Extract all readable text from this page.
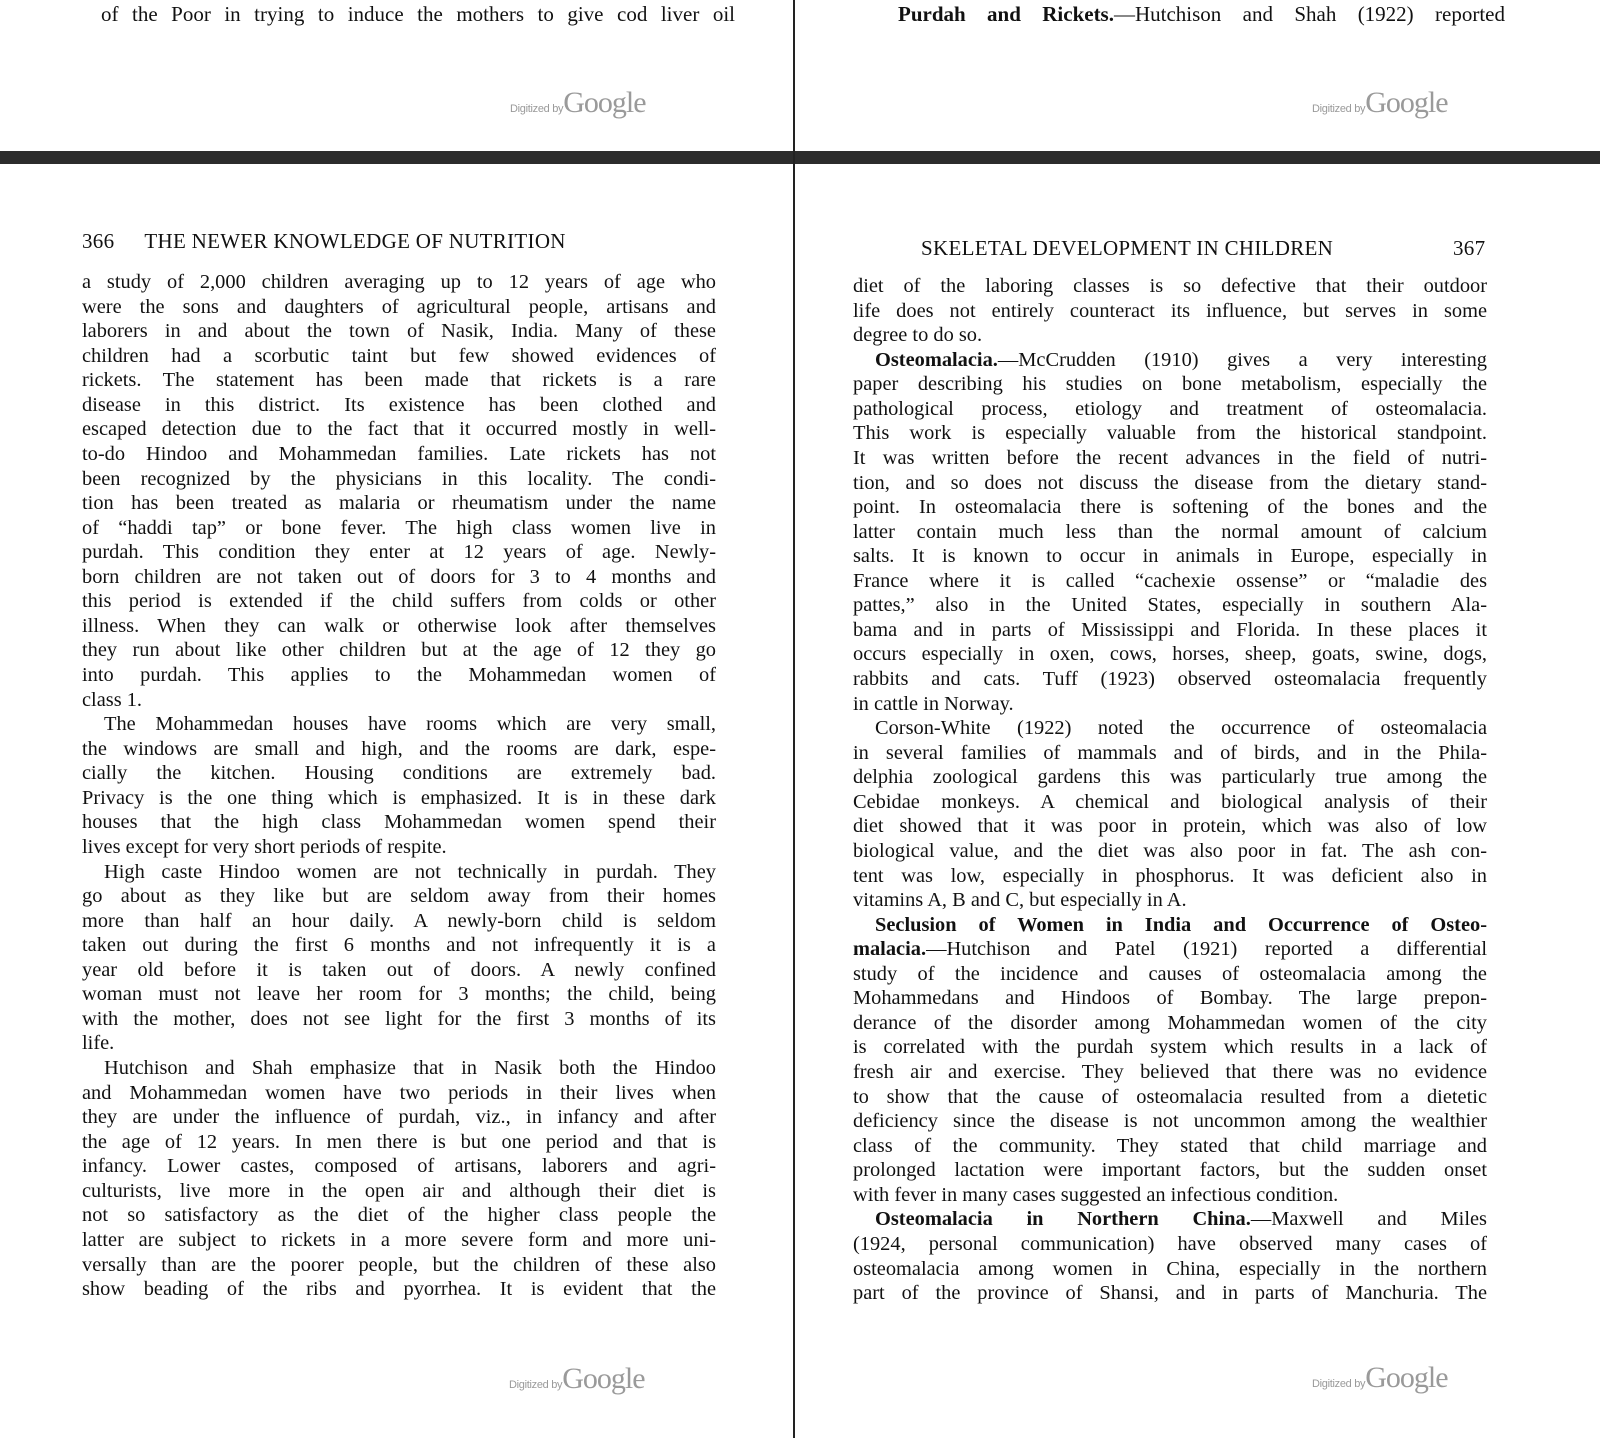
of the Poor in trying to induce the mothers to give cod liver oil	Purdah and Rickets.—Hutchison and Shah (1922) reported
Digitized byGoogle	Digitized byGoogle
366 THE NEWER KNOWLEDGE OF NUTRITION
a study of 2,000 children averaging up to 12 years of age who
were the sons and daughters of agricultural people, artisans and
laborers in and about the town of Nasik, India. Many of these
children had a scorbutic taint but few showed evidences of
rickets. The statement has been made that rickets is a rare
disease in this district. Its existence has been clothed and
escaped detection due to the fact that it occurred mostly in well-
to-do Hindoo and Mohammedan families. Late rickets has not
been recognized by the physicians in this locality. The condi-
tion has been treated as malaria or rheumatism under the name
of “haddi tap” or bone fever. The high class women live in
purdah. This condition they enter at 12 years of age. Newly-
born children are not taken out of doors for 3 to 4 months and
this period is extended if the child suffers from colds or other
illness. When they can walk or otherwise look after themselves
they run about like other children but at the age of 12 they go
into purdah. This applies to the Mohammedan women of
class 1.
The Mohammedan houses have rooms which are very small,
the windows are small and high, and the rooms are dark, espe-
cially the kitchen. Housing conditions are extremely bad.
Privacy is the one thing which is emphasized. It is in these dark
houses that the high class Mohammedan women spend their
lives except for very short periods of respite.
High caste Hindoo women are not technically in purdah. They
go about as they like but are seldom away from their homes
more than half an hour daily. A newly-born child is seldom
taken out during the first 6 months and not infrequently it is a
year old before it is taken out of doors. A newly confined
woman must not leave her room for 3 months; the child, being
with the mother, does not see light for the first 3 months of its
life.
Hutchison and Shah emphasize that in Nasik both the Hindoo
and Mohammedan women have two periods in their lives when
they are under the influence of purdah, viz., in infancy and after
the age of 12 years. In men there is but one period and that is
infancy. Lower castes, composed of artisans, laborers and agri-
culturists, live more in the open air and although their diet is
not so satisfactory as the diet of the higher class people the
latter are subject to rickets in a more severe form and more uni-
versally than are the poorer people, but the children of these also
show beading of the ribs and pyorrhea. It is evident that the
SKELETAL DEVELOPMENT IN CHILDREN	367
diet of the laboring classes is so defective that their outdoor
life does not entirely counteract its influence, but serves in some
degree to do so.
Osteomalacia.—McCrudden (1910) gives a very interesting
paper describing his studies on bone metabolism, especially the
pathological process, etiology and treatment of osteomalacia.
This work is especially valuable from the historical standpoint.
It was written before the recent advances in the field of nutri-
tion, and so does not discuss the disease from the dietary stand-
point. In osteomalacia there is softening of the bones and the
latter contain much less than the normal amount of calcium
salts. It is known to occur in animals in Europe, especially in
France where it is called “cachexie ossense” or “maladie des
pattes,” also in the United States, especially in southern Ala-
bama and in parts of Mississippi and Florida. In these places it
occurs especially in oxen, cows, horses, sheep, goats, swine, dogs,
rabbits and cats. Tuff (1923) observed osteomalacia frequently
in cattle in Norway.
Corson-White (1922) noted the occurrence of osteomalacia
in several families of mammals and of birds, and in the Phila-
delphia zoological gardens this was particularly true among the
Cebidae monkeys. A chemical and biological analysis of their
diet showed that it was poor in protein, which was also of low
biological value, and the diet was also poor in fat. The ash con-
tent was low, especially in phosphorus. It was deficient also in
vitamins A, B and C, but especially in A.
Seclusion of Women in India and Occurrence of Osteo-
malacia.—Hutchison and Patel (1921) reported a differential
study of the incidence and causes of osteomalacia among the
Mohammedans and Hindoos of Bombay. The large prepon-
derance of the disorder among Mohammedan women of the city
is correlated with the purdah system which results in a lack of
fresh air and exercise. They believed that there was no evidence
to show that the cause of osteomalacia resulted from a dietetic
deficiency since the disease is not uncommon among the wealthier
class of the community. They stated that child marriage and
prolonged lactation were important factors, but the sudden onset
with fever in many cases suggested an infectious condition.
Osteomalacia in Northern China.—Maxwell and Miles
(1924, personal communication) have observed many cases of
osteomalacia among women in China, especially in the northern
part of the province of Shansi, and in parts of Manchuria. The
Digitized byGoogle	Digitized byGoogle
